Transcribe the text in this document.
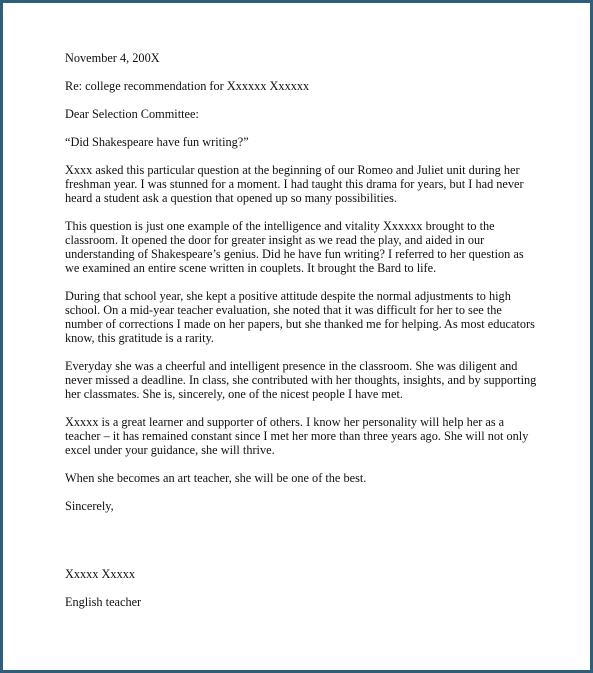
November 4, 200X

Re: college recommendation for Xxxxxx Xxxxxx

Dear Selection Committee:

“Did Shakespeare have fun writing?”

Xxxx asked this particular question at the beginning of our Romeo and Juliet unit during her freshman year. I was stunned for a moment. I had taught this drama for years, but I had never heard a student ask a question that opened up so many possibilities.

This question is just one example of the intelligence and vitality Xxxxxx brought to the classroom. It opened the door for greater insight as we read the play, and aided in our understanding of Shakespeare’s genius. Did he have fun writing? I referred to her question as we examined an entire scene written in couplets. It brought the Bard to life.

During that school year, she kept a positive attitude despite the normal adjustments to high school. On a mid-year teacher evaluation, she noted that it was difficult for her to see the number of corrections I made on her papers, but she thanked me for helping. As most educators know, this gratitude is a rarity.

Everyday she was a cheerful and intelligent presence in the classroom. She was diligent and never missed a deadline. In class, she contributed with her thoughts, insights, and by supporting her classmates. She is, sincerely, one of the nicest people I have met.

Xxxxx is a great learner and supporter of others. I know her personality will help her as a teacher – it has remained constant since I met her more than three years ago. She will not only excel under your guidance, she will thrive.

When she becomes an art teacher, she will be one of the best.

Sincerely,

Xxxxx Xxxxx

English teacher
